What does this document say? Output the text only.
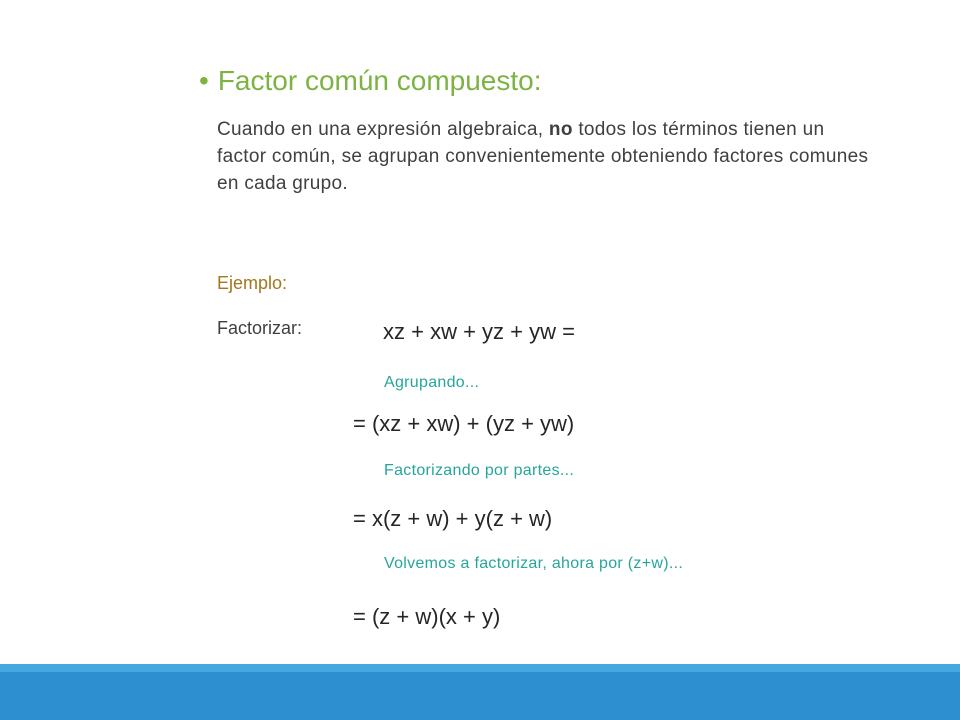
• Factor común compuesto:
Cuando en una expresión algebraica, no todos los términos tienen un factor común, se agrupan convenientemente obteniendo factores comunes en cada grupo.
Ejemplo:
Factorizar:	xz + xw + yz + yw =
Agrupando...
= (xz + xw) + (yz + yw)
Factorizando por partes...
= x(z + w) + y(z + w)
Volvemos a factorizar, ahora por (z+w)...
= (z + w)(x + y)
